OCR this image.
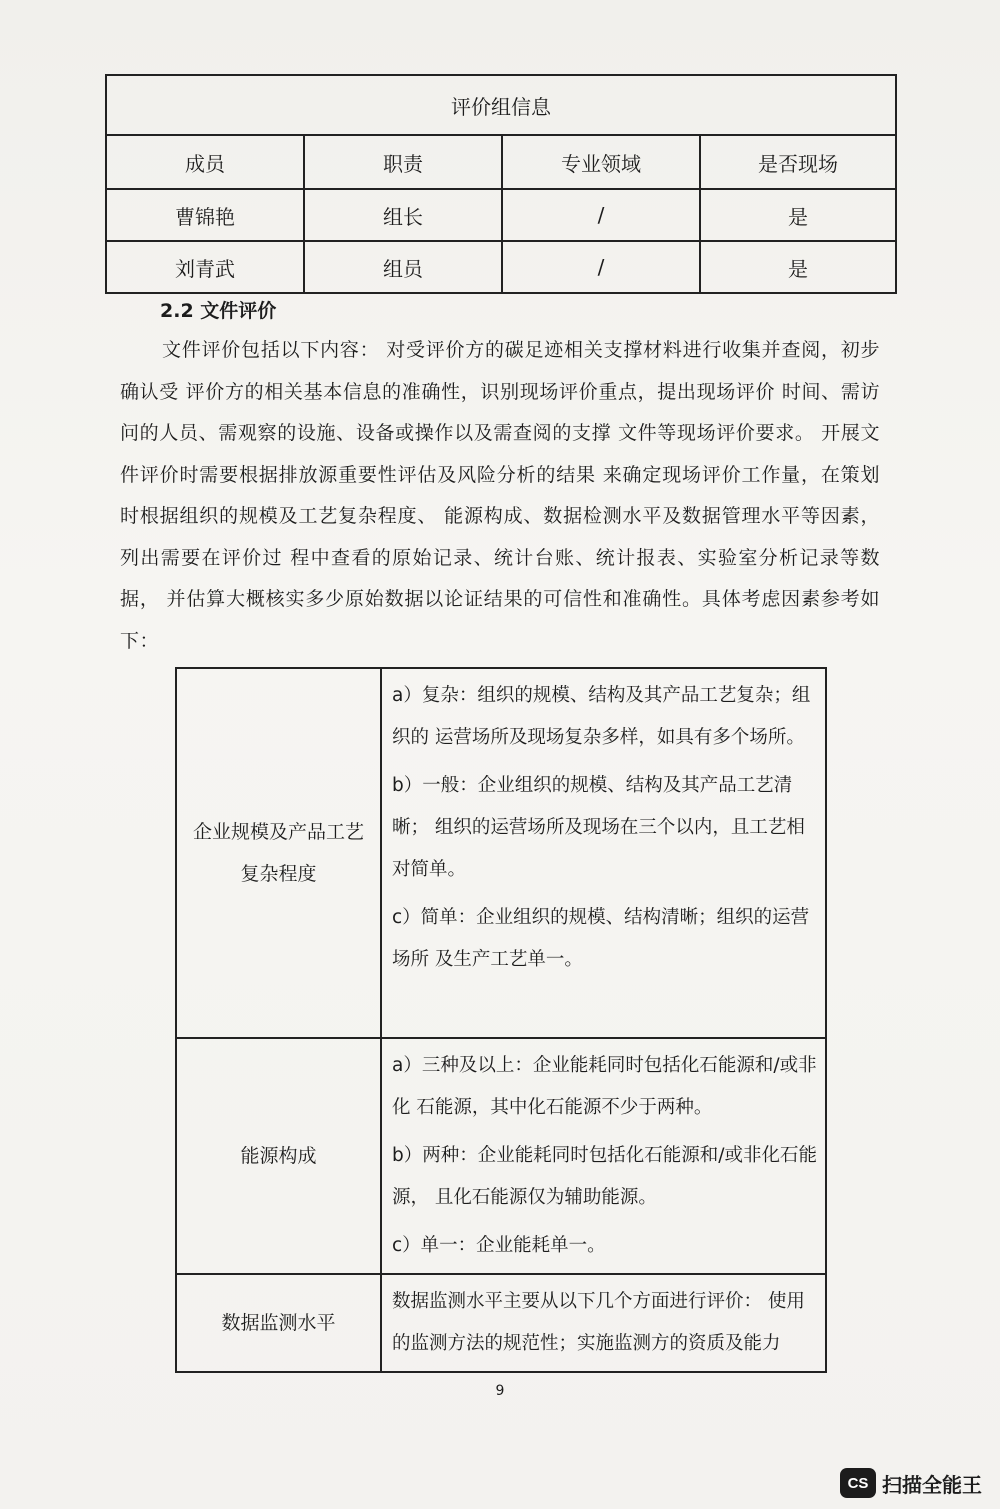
评价组信息			
成员	职责	专业领域	是否现场
曹锦艳	组长	/	是
刘青武	组员	/	是
2.2 文件评价
文件评价包括以下内容： 对受评价方的碳足迹相关支撑材料进行收集并查阅，初步确认受 评价方的相关基本信息的准确性，识别现场评价重点，提出现场评价 时间、需访问的人员、需观察的设施、设备或操作以及需查阅的支撑 文件等现场评价要求。 开展文件评价时需要根据排放源重要性评估及风险分析的结果 来确定现场评价工作量，在策划时根据组织的规模及工艺复杂程度、 能源构成、数据检测水平及数据管理水平等因素，列出需要在评价过 程中查看的原始记录、统计台账、统计报表、实验室分析记录等数据， 并估算大概核实多少原始数据以论证结果的可信性和准确性。具体考虑因素参考如下：
企业规模及产品工艺 复杂程度	a）复杂：组织的规模、结构及其产品工艺复杂；组织的 运营场所及现场复杂多样，如具有多个场所。

b）一般：企业组织的规模、结构及其产品工艺清晰； 组织的运营场所及现场在三个以内，且工艺相对简单。

c）简单：企业组织的规模、结构清晰；组织的运营场所 及生产工艺单一。

能源构成	a）三种及以上：企业能耗同时包括化石能源和/或非化 石能源，其中化石能源不少于两种。

b）两种：企业能耗同时包括化石能源和/或非化石能源， 且化石能源仅为辅助能源。

c）单一：企业能耗单一。

数据监测水平	数据监测水平主要从以下几个方面进行评价： 使用的监测方法的规范性；实施监测方的资质及能力

9
CS 扫描全能王
